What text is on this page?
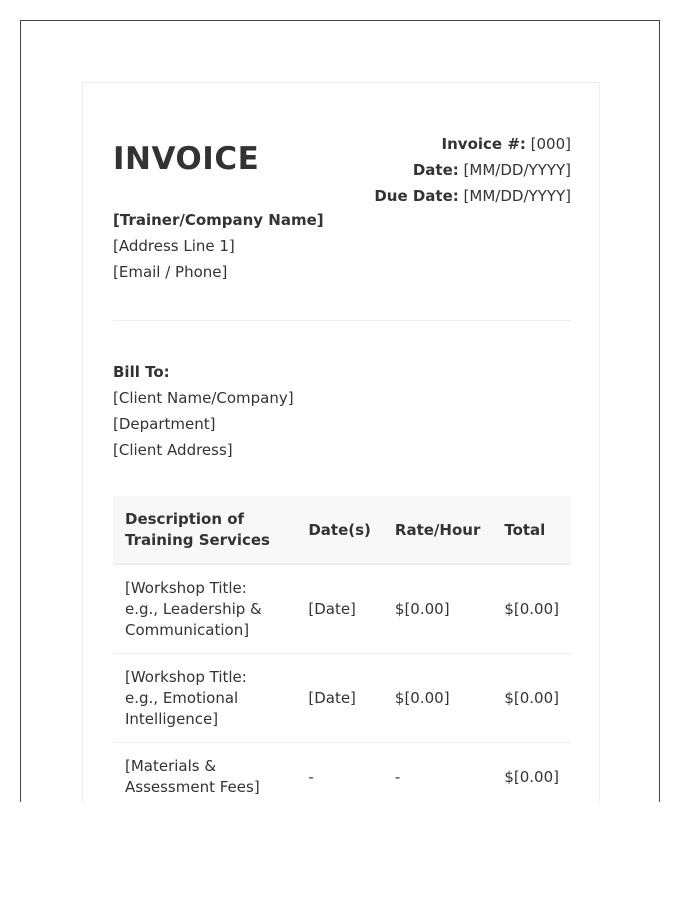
INVOICE	Invoice #: [000]
Date: [MM/DD/YYYY]
Due Date: [MM/DD/YYYY]
[Trainer/Company Name]
[Address Line 1]
[Email / Phone]
Bill To:
[Client Name/Company]
[Department]
[Client Address]
Description of Training Services	Date(s)	Rate/Hour	Total
[Workshop Title: e.g., Leadership & Communication]	[Date]	$[0.00]	$[0.00]
[Workshop Title: e.g., Emotional Intelligence]	[Date]	$[0.00]	$[0.00]
[Materials & Assessment Fees]	-	-	$[0.00]
